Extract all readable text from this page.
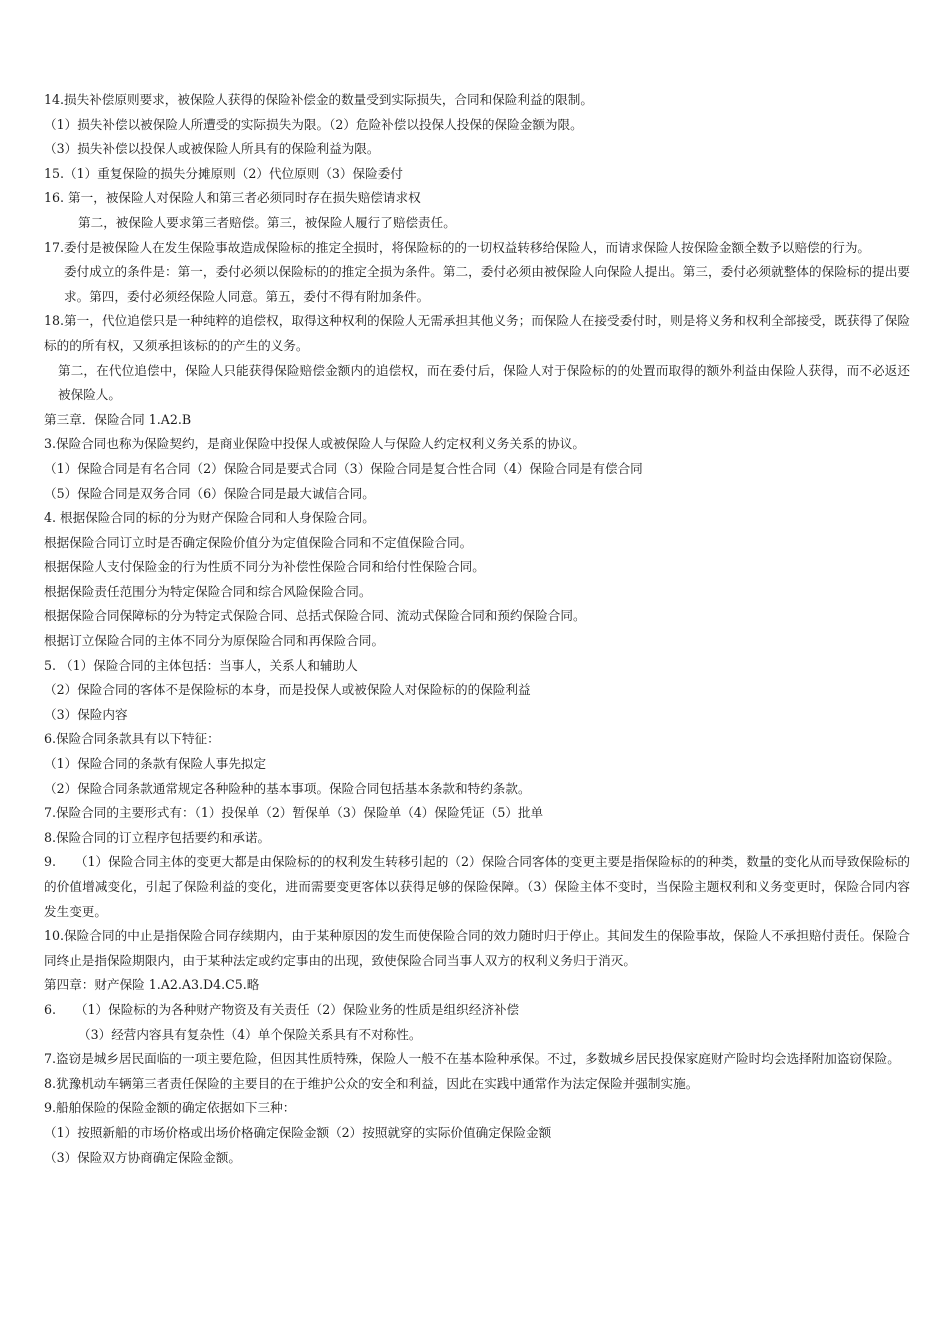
14.损失补偿原则要求，被保险人获得的保险补偿金的数量受到实际损失，合同和保险利益的限制。
（1）损失补偿以被保险人所遭受的实际损失为限。（2）危险补偿以投保人投保的保险金额为限。
（3）损失补偿以投保人或被保险人所具有的保险利益为限。
15.（1）重复保险的损失分摊原则（2）代位原则（3）保险委付
16. 第一，被保险人对保险人和第三者必须同时存在损失赔偿请求权
第二，被保险人要求第三者赔偿。第三，被保险人履行了赔偿责任。
17.委付是被保险人在发生保险事故造成保险标的推定全损时，将保险标的的一切权益转移给保险人，而请求保险人按保险金额全数予以赔偿的行为。
委付成立的条件是：第一，委付必须以保险标的的推定全损为条件。第二，委付必须由被保险人向保险人提出。第三，委付必须就整体的保险标的提出要求。第四，委付必须经保险人同意。第五，委付不得有附加条件。
18.第一，代位追偿只是一种纯粹的追偿权，取得这种权利的保险人无需承担其他义务；而保险人在接受委付时，则是将义务和权利全部接受，既获得了保险标的的所有权，又须承担该标的的产生的义务。
第二，在代位追偿中，保险人只能获得保险赔偿金额内的追偿权，而在委付后，保险人对于保险标的的处置而取得的额外利益由保险人获得，而不必返还被保险人。
第三章．保险合同 1.A2.B
3.保险合同也称为保险契约，是商业保险中投保人或被保险人与保险人约定权利义务关系的协议。
（1）保险合同是有名合同（2）保险合同是要式合同（3）保险合同是复合性合同（4）保险合同是有偿合同
（5）保险合同是双务合同（6）保险合同是最大诚信合同。
4. 根据保险合同的标的分为财产保险合同和人身保险合同。
根据保险合同订立时是否确定保险价值分为定值保险合同和不定值保险合同。
根据保险人支付保险金的行为性质不同分为补偿性保险合同和给付性保险合同。
根据保险责任范围分为特定保险合同和综合风险保险合同。
根据保险合同保障标的分为特定式保险合同、总括式保险合同、流动式保险合同和预约保险合同。
根据订立保险合同的主体不同分为原保险合同和再保险合同。
5. （1）保险合同的主体包括：当事人，关系人和辅助人
（2）保险合同的客体不是保险标的本身，而是投保人或被保险人对保险标的的保险利益
（3）保险内容
6.保险合同条款具有以下特征：
（1）保险合同的条款有保险人事先拟定
（2）保险合同条款通常规定各种险种的基本事项。保险合同包括基本条款和特约条款。
7.保险合同的主要形式有：（1）投保单（2）暂保单（3）保险单（4）保险凭证（5）批单
8.保险合同的订立程序包括要约和承诺。
9.　　（1）保险合同主体的变更大都是由保险标的的权利发生转移引起的（2）保险合同客体的变更主要是指保险标的的种类，数量的变化从而导致保险标的的价值增减变化，引起了保险利益的变化，进而需要变更客体以获得足够的保险保障。（3）保险主体不变时，当保险主题权利和义务变更时，保险合同内容发生变更。
10.保险合同的中止是指保险合同存续期内，由于某种原因的发生而使保险合同的效力随时归于停止。其间发生的保险事故，保险人不承担赔付责任。保险合同终止是指保险期限内，由于某种法定或约定事由的出现，致使保险合同当事人双方的权利义务归于消灭。
第四章：财产保险 1.A2.A3.D4.C5.略
6.　　（1）保险标的为各种财产物资及有关责任（2）保险业务的性质是组织经济补偿
（3）经营内容具有复杂性（4）单个保险关系具有不对称性。
7.盗窃是城乡居民面临的一项主要危险，但因其性质特殊，保险人一般不在基本险种承保。不过，多数城乡居民投保家庭财产险时均会选择附加盗窃保险。
8.犹豫机动车辆第三者责任保险的主要目的在于维护公众的安全和利益，因此在实践中通常作为法定保险并强制实施。
9.船舶保险的保险金额的确定依据如下三种：
（1）按照新船的市场价格或出场价格确定保险金额（2）按照就穿的实际价值确定保险金额
（3）保险双方协商确定保险金额。
